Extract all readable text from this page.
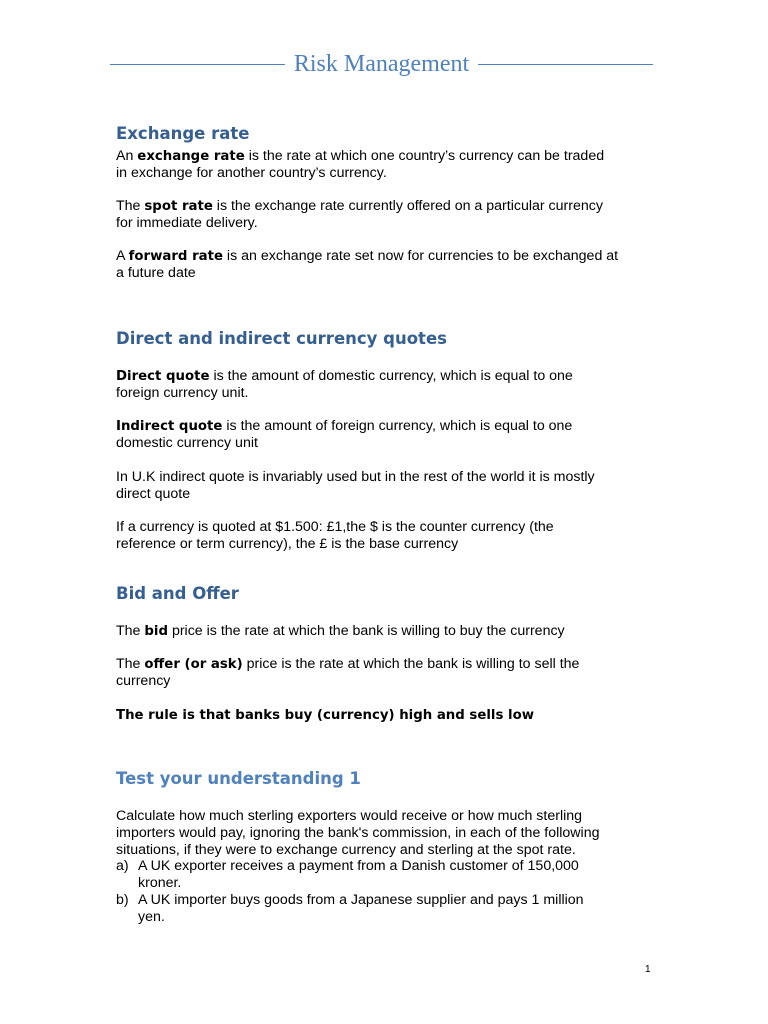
Risk Management
Exchange rate

An exchange rate is the rate at which one country’s currency can be traded
in exchange for another country’s currency.

The spot rate is the exchange rate currently offered on a particular currency
for immediate delivery.

A forward rate is an exchange rate set now for currencies to be exchanged at
a future date

Direct and indirect currency quotes

Direct quote is the amount of domestic currency, which is equal to one
foreign currency unit.

Indirect quote is the amount of foreign currency, which is equal to one
domestic currency unit

In U.K indirect quote is invariably used but in the rest of the world it is mostly
direct quote

If a currency is quoted at $1.500: £1,the $ is the counter currency (the
reference or term currency), the £ is the base currency

Bid and Offer

The bid price is the rate at which the bank is willing to buy the currency

The offer (or ask) price is the rate at which the bank is willing to sell the
currency

The rule is that banks buy (currency) high and sells low

Test your understanding 1

Calculate how much sterling exporters would receive or how much sterling
importers would pay, ignoring the bank's commission, in each of the following
situations, if they were to exchange currency and sterling at the spot rate.

a) A UK exporter receives a payment from a Danish customer of 150,000
kroner.
b) A UK importer buys goods from a Japanese supplier and pays 1 million
yen.
1
